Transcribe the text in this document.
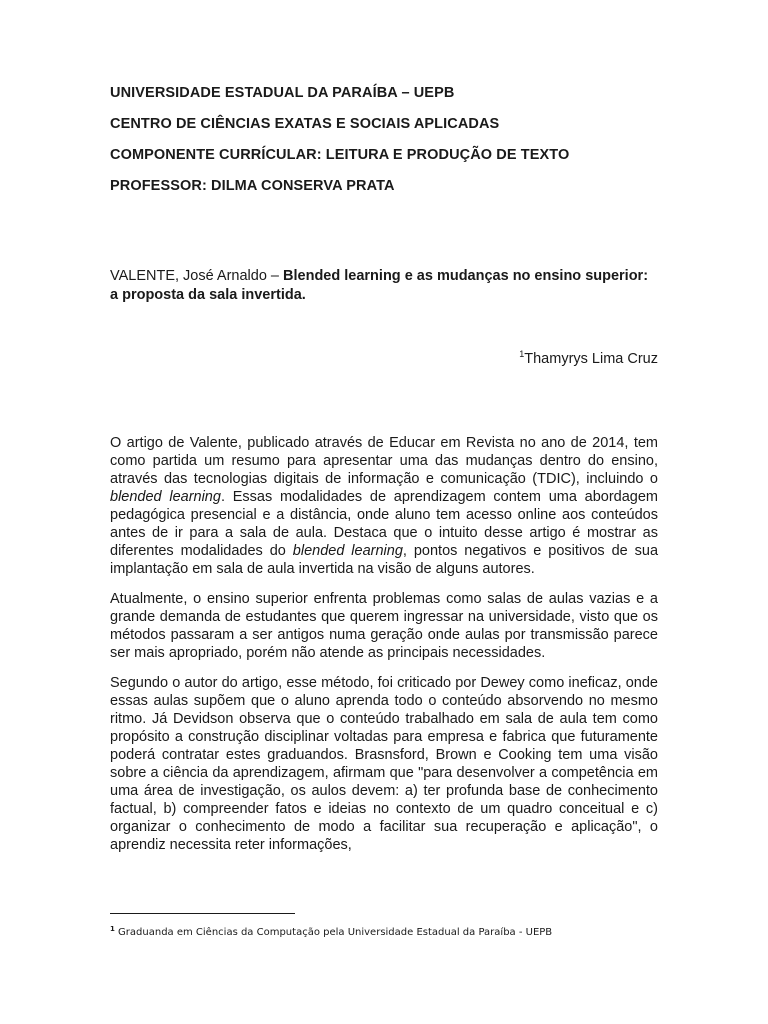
UNIVERSIDADE ESTADUAL DA PARAÍBA – UEPB
CENTRO DE CIÊNCIAS EXATAS E SOCIAIS APLICADAS
COMPONENTE CURRÍCULAR: LEITURA E PRODUÇÃO DE TEXTO
PROFESSOR: DILMA CONSERVA PRATA
VALENTE, José Arnaldo – Blended learning e as mudanças no ensino superior: a proposta da sala invertida.
$^1$Thamyrys Lima Cruz

O artigo de Valente, publicado através de Educar em Revista no ano de 2014, tem como partida um resumo para apresentar uma das mudanças dentro do ensino, através das tecnologias digitais de informação e comunicação (TDIC), incluindo o blended learning. Essas modalidades de aprendizagem contem uma abordagem pedagógica presencial e a distância, onde aluno tem acesso online aos conteúdos antes de ir para a sala de aula. Destaca que o intuito desse artigo é mostrar as diferentes modalidades do blended learning, pontos negativos e positivos de sua implantação em sala de aula invertida na visão de alguns autores.

Atualmente, o ensino superior enfrenta problemas como salas de aulas vazias e a grande demanda de estudantes que querem ingressar na universidade, visto que os métodos passaram a ser antigos numa geração onde aulas por transmissão parece ser mais apropriado, porém não atende as principais necessidades.

Segundo o autor do artigo, esse método, foi criticado por Dewey como ineficaz, onde essas aulas supõem que o aluno aprenda todo o conteúdo absorvendo no mesmo ritmo. Já Devidson observa que o conteúdo trabalhado em sala de aula tem como propósito a construção disciplinar voltadas para empresa e fabrica que futuramente poderá contratar estes graduandos. Brasnsford, Brown e Cooking tem uma visão sobre a ciência da aprendizagem, afirmam que "para desenvolver a competência em uma área de investigação, os aulos devem: a) ter profunda base de conhecimento factual, b) compreender fatos e ideias no contexto de um quadro conceitual e c) organizar o conhecimento de modo a facilitar sua recuperação e aplicação", o aprendiz necessita reter informações,

$^1$ Graduanda em Ciências da Computação pela Universidade Estadual da Paraíba - UEPB
